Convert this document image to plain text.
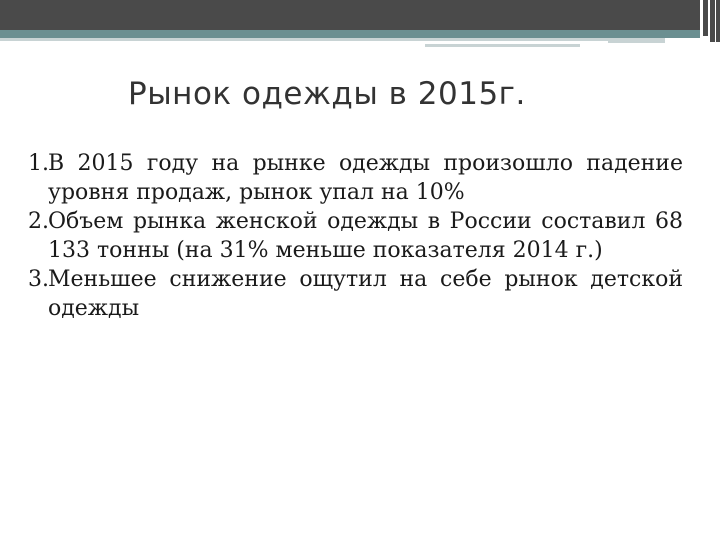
Рынок одежды в 2015г.
1. В 2015 году на рынке одежды произошло падение уровня продаж, рынок упал на 10%
2. Объем рынка женской одежды в России составил 68 133 тонны (на 31% меньше показателя 2014 г.)
3. Меньшее снижение ощутил на себе рынок детской одежды
